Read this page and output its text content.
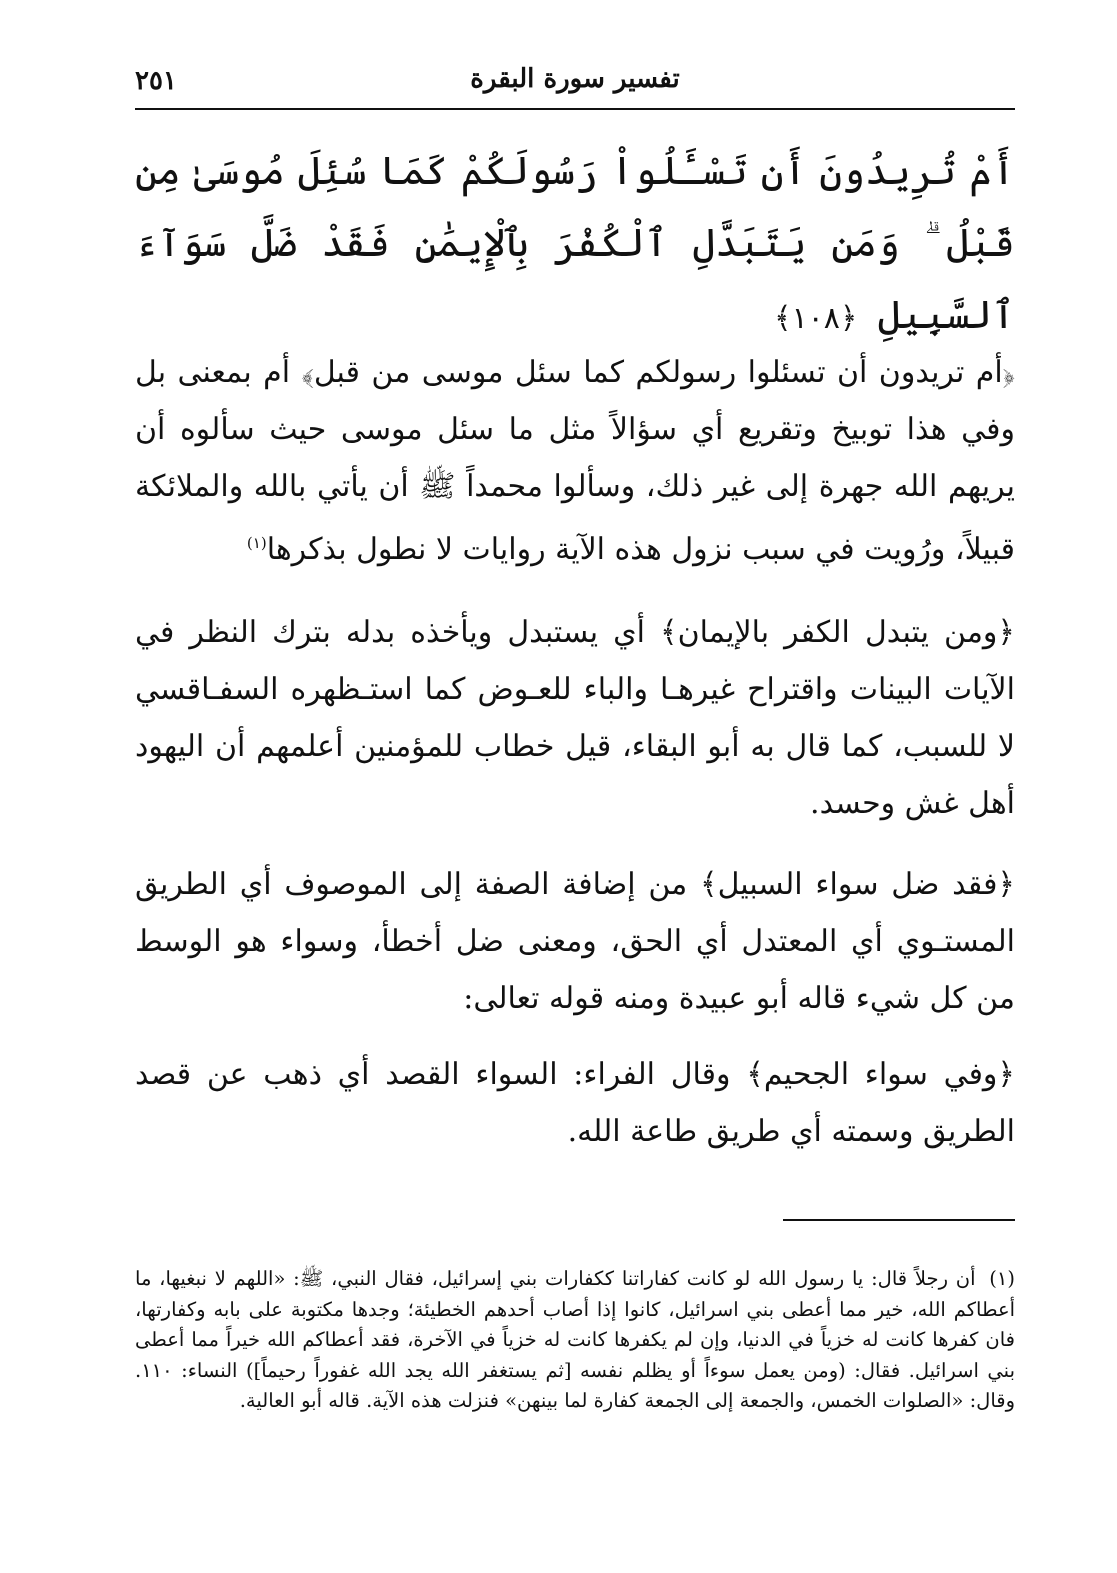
٢٥١	تفسير سورة البقرة
أَمْ تُرِيدُونَ أَن تَسْـَٔلُواْ رَسُولَكُمْ كَمَا سُئِلَ مُوسَىٰ مِن قَبْلُ ۗ وَمَن يَتَبَدَّلِ ٱلْكُفْرَ بِٱلْإِيمَٰنِ فَقَدْ ضَلَّ سَوَآءَ ٱلسَّبِيلِ ﴿١٠٨﴾

﴿أم تريدون أن تسئلوا رسولكم كما سئل موسى من قبل﴾ أم بمعنى بل وفي هذا توبيخ وتقريع أي سؤالاً مثل ما سئل موسى حيث سألوه أن يريهم الله جهرة إلى غير ذلك، وسألوا محمداً ﷺ أن يأتي بالله والملائكة قبيلاً، ورُويت في سبب نزول هذه الآية روايات لا نطول بذكرها$^{(١)}$

﴿ومن يتبدل الكفر بالإيمان﴾ أي يستبدل ويأخذه بدله بترك النظر في الآيات البينات واقتراح غيرهـا والباء للعـوض كما استـظهره السفـاقسي لا للسبب، كما قال به أبو البقاء، قيل خطاب للمؤمنين أعلمهم أن اليهود أهل غش وحسد.

﴿فقد ضل سواء السبيل﴾ من إضافة الصفة إلى الموصوف أي الطريق المستـوي أي المعتدل أي الحق، ومعنى ضل أخطأ، وسواء هو الوسط من كل شيء قاله أبو عبيدة ومنه قوله تعالى:

﴿وفي سواء الجحيم﴾ وقال الفراء: السواء القصد أي ذهب عن قصد الطريق وسمته أي طريق طاعة الله.

(١) أن رجلاً قال: يا رسول الله لو كانت كفاراتنا ككفارات بني إسرائيل، فقال النبي، ﷺ: «اللهم لا نبغيها، ما أعطاكم الله، خير مما أعطى بني اسرائيل، كانوا إذا أصاب أحدهم الخطيئة؛ وجدها مكتوبة على بابه وكفارتها، فان كفرها كانت له خزياً في الدنيا، وإن لم يكفرها كانت له خزياً في الآخرة، فقد أعطاكم الله خيراً مما أعطى بني اسرائيل. فقال: (ومن يعمل سوءاً أو يظلم نفسه [ثم يستغفر الله يجد الله غفوراً رحيماً]) النساء: ١١٠. وقال: «الصلوات الخمس، والجمعة إلى الجمعة كفارة لما بينهن» فنزلت هذه الآية. قاله أبو العالية.
